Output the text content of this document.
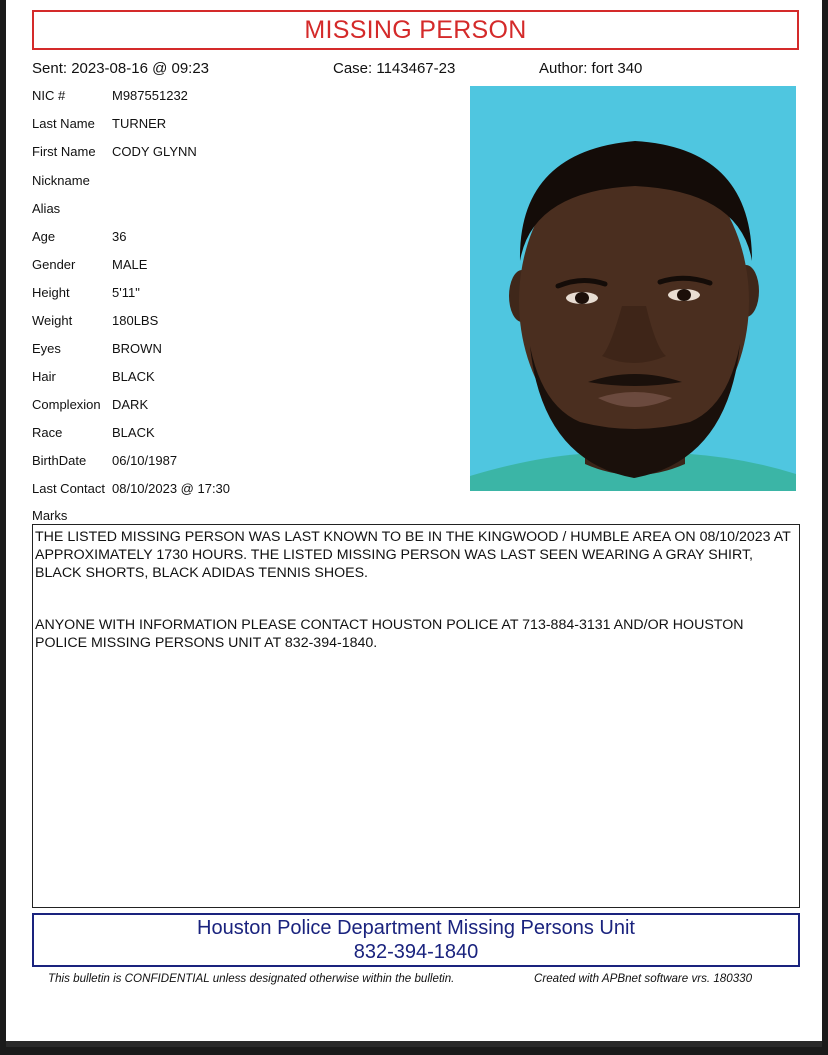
MISSING PERSON
Sent: 2023-08-16 @ 09:23	Case: 1143467-23	Author: fort 340
NIC #	M987551232
Last Name TURNER
First Name CODY GLYNN
Nickname
Alias
Age	36
Gender	MALE
Height	5'11"
Weight	180LBS
Eyes	BROWN
Hair	BLACK
Complexion DARK
Race	BLACK
BirthDate 06/10/1987
Last Contact 08/10/2023 @ 17:30
Marks

THE LISTED MISSING PERSON WAS LAST KNOWN TO BE IN THE KINGWOOD / HUMBLE AREA ON 08/10/2023 AT APPROXIMATELY 1730 HOURS. THE LISTED MISSING PERSON WAS LAST SEEN WEARING A GRAY SHIRT, BLACK SHORTS, BLACK ADIDAS TENNIS SHOES.

ANYONE WITH INFORMATION PLEASE CONTACT HOUSTON POLICE AT 713-884-3131 AND/OR HOUSTON POLICE MISSING PERSONS UNIT AT 832-394-1840.

Houston Police Department Missing Persons Unit
832-394-1840
This bulletin is CONFIDENTIAL unless designated otherwise within the bulletin.	Created with APBnet software vrs. 180330
